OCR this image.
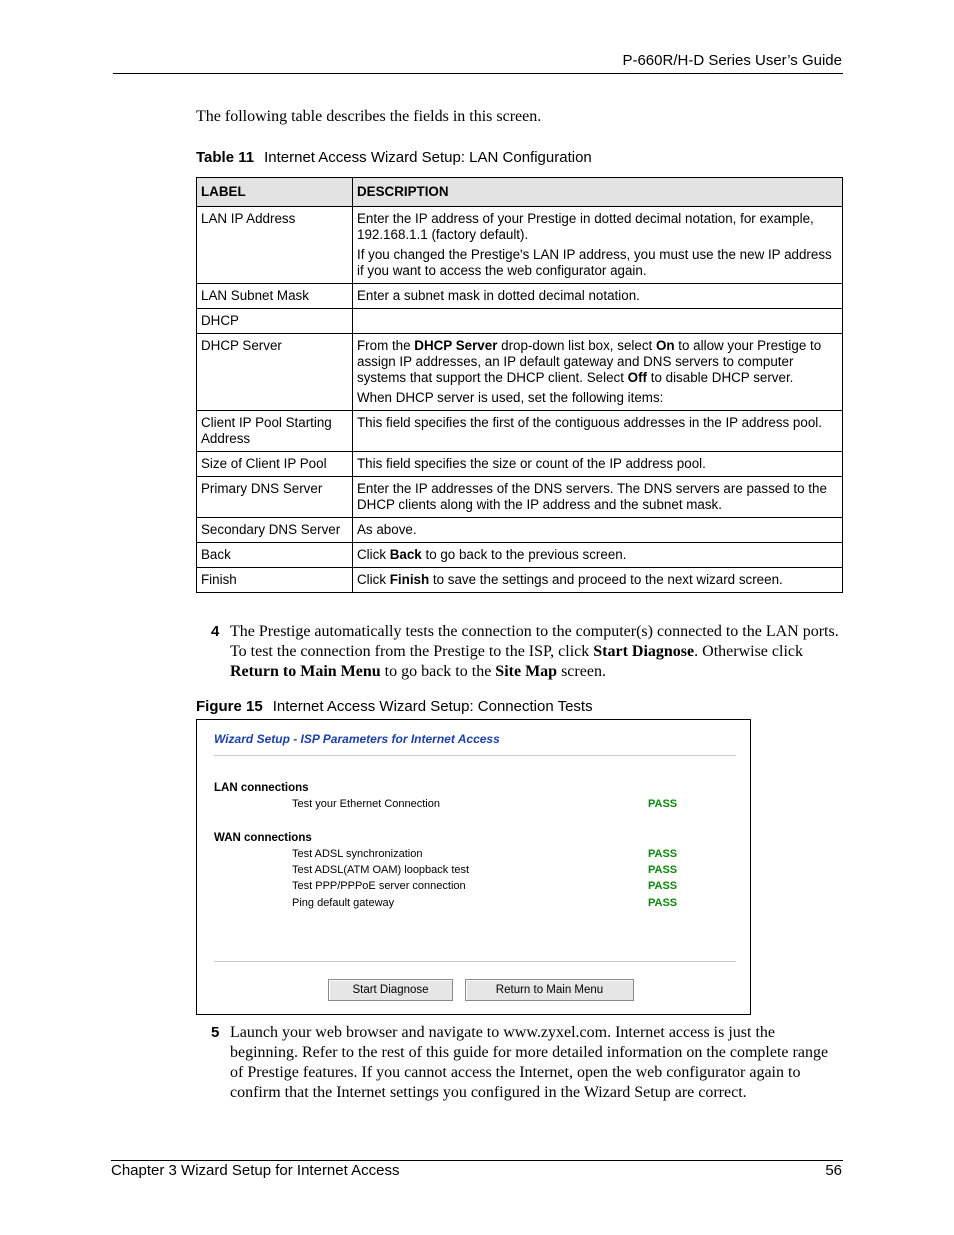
P-660R/H-D Series User’s Guide
The following table describes the fields in this screen.
Table 11 Internet Access Wizard Setup: LAN Configuration
LABEL	DESCRIPTION
LAN IP Address	Enter the IP address of your Prestige in dotted decimal notation, for example, 192.168.1.1 (factory default).

If you changed the Prestige's LAN IP address, you must use the new IP address if you want to access the web configurator again.

LAN Subnet Mask	Enter a subnet mask in dotted decimal notation.

DHCP	
DHCP Server	From the DHCP Server drop-down list box, select On to allow your Prestige to assign IP addresses, an IP default gateway and DNS servers to computer systems that support the DHCP client. Select Off to disable DHCP server.

When DHCP server is used, set the following items:

Client IP Pool Starting Address	This field specifies the first of the contiguous addresses in the IP address pool.

Size of Client IP Pool	This field specifies the size or count of the IP address pool.

Primary DNS Server	Enter the IP addresses of the DNS servers. The DNS servers are passed to the DHCP clients along with the IP address and the subnet mask.

Secondary DNS Server	As above.

Back	Click Back to go back to the previous screen.

Finish	Click Finish to save the settings and proceed to the next wizard screen.

4 The Prestige automatically tests the connection to the computer(s) connected to the LAN ports. To test the connection from the Prestige to the ISP, click Start Diagnose. Otherwise click Return to Main Menu to go back to the Site Map screen.
Figure 15 Internet Access Wizard Setup: Connection Tests
Wizard Setup - ISP Parameters for Internet Access
LAN connections
Test your Ethernet Connection	PASS
WAN connections
Test ADSL synchronization	PASS
Test ADSL(ATM OAM) loopback test	PASS
Test PPP/PPPoE server connection	PASS
Ping default gateway	PASS
Start Diagnose	Return to Main Menu
5 Launch your web browser and navigate to www.zyxel.com. Internet access is just the beginning. Refer to the rest of this guide for more detailed information on the complete range of Prestige features. If you cannot access the Internet, open the web configurator again to confirm that the Internet settings you configured in the Wizard Setup are correct.
Chapter 3 Wizard Setup for Internet Access	56
